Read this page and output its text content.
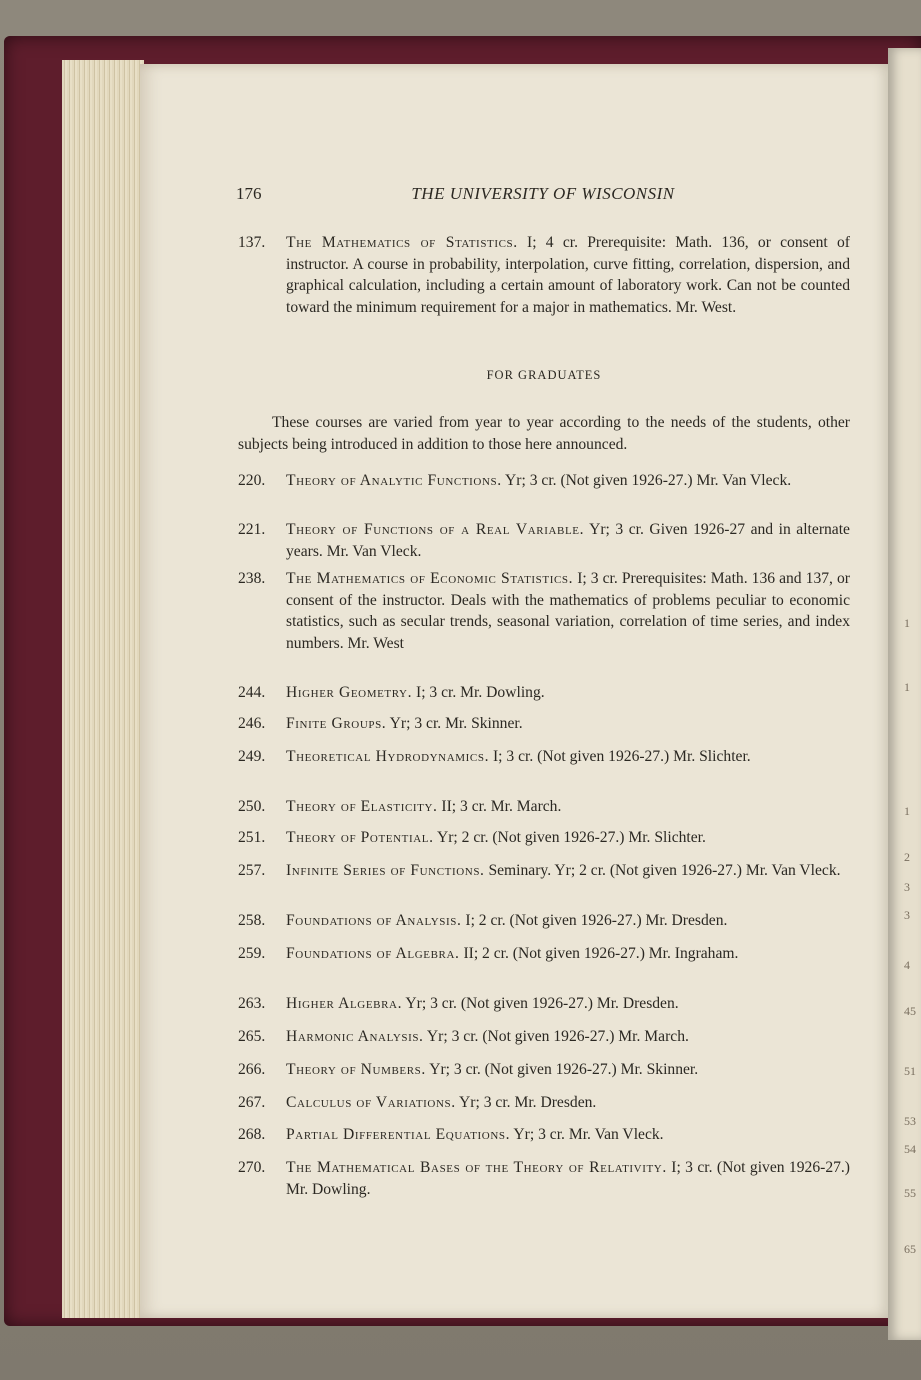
1
1
1
2
3
3
4
45
51
53
54
55
65
176	THE UNIVERSITY OF WISCONSIN
137. The Mathematics of Statistics. I; 4 cr. Prerequisite: Math. 136, or consent of instructor. A course in probability, interpolation, curve fitting, correlation, dispersion, and graphical calculation, including a certain amount of laboratory work. Can not be counted toward the minimum requirement for a major in mathematics. Mr. West.
FOR GRADUATES
These courses are varied from year to year according to the needs of the students, other subjects being introduced in addition to those here announced.
220. Theory of Analytic Functions. Yr; 3 cr. (Not given 1926-27.) Mr. Van Vleck.
221. Theory of Functions of a Real Variable. Yr; 3 cr. Given 1926-27 and in alternate years. Mr. Van Vleck.
238. The Mathematics of Economic Statistics. I; 3 cr. Prerequisites: Math. 136 and 137, or consent of the instructor. Deals with the mathematics of problems peculiar to economic statistics, such as secular trends, seasonal variation, correlation of time series, and index numbers. Mr. West
244. Higher Geometry. I; 3 cr. Mr. Dowling.
246. Finite Groups. Yr; 3 cr. Mr. Skinner.
249. Theoretical Hydrodynamics. I; 3 cr. (Not given 1926-27.) Mr. Slichter.
250. Theory of Elasticity. II; 3 cr. Mr. March.
251. Theory of Potential. Yr; 2 cr. (Not given 1926-27.) Mr. Slichter.
257. Infinite Series of Functions. Seminary. Yr; 2 cr. (Not given 1926-27.) Mr. Van Vleck.
258. Foundations of Analysis. I; 2 cr. (Not given 1926-27.) Mr. Dresden.
259. Foundations of Algebra. II; 2 cr. (Not given 1926-27.) Mr. Ingraham.
263. Higher Algebra. Yr; 3 cr. (Not given 1926-27.) Mr. Dresden.
265. Harmonic Analysis. Yr; 3 cr. (Not given 1926-27.) Mr. March.
266. Theory of Numbers. Yr; 3 cr. (Not given 1926-27.) Mr. Skinner.
267. Calculus of Variations. Yr; 3 cr. Mr. Dresden.
268. Partial Differential Equations. Yr; 3 cr. Mr. Van Vleck.
270. The Mathematical Bases of the Theory of Relativity. I; 3 cr. (Not given 1926-27.) Mr. Dowling.
